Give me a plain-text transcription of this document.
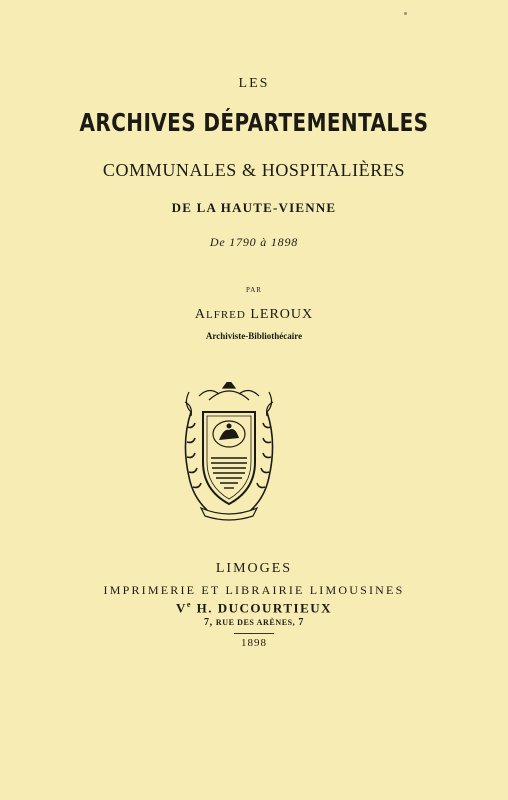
LES
ARCHIVES DÉPARTEMENTALES
COMMUNALES & HOSPITALIÈRES
DE LA HAUTE-VIENNE
De 1790 à 1898
PAR
ALFRED LEROUX
Archiviste-Bibliothécaire
LIMOGES
IMPRIMERIE ET LIBRAIRIE LIMOUSINES
Ve H. DUCOURTIEUX
7, RUE DES ARÈNES, 7
1898
